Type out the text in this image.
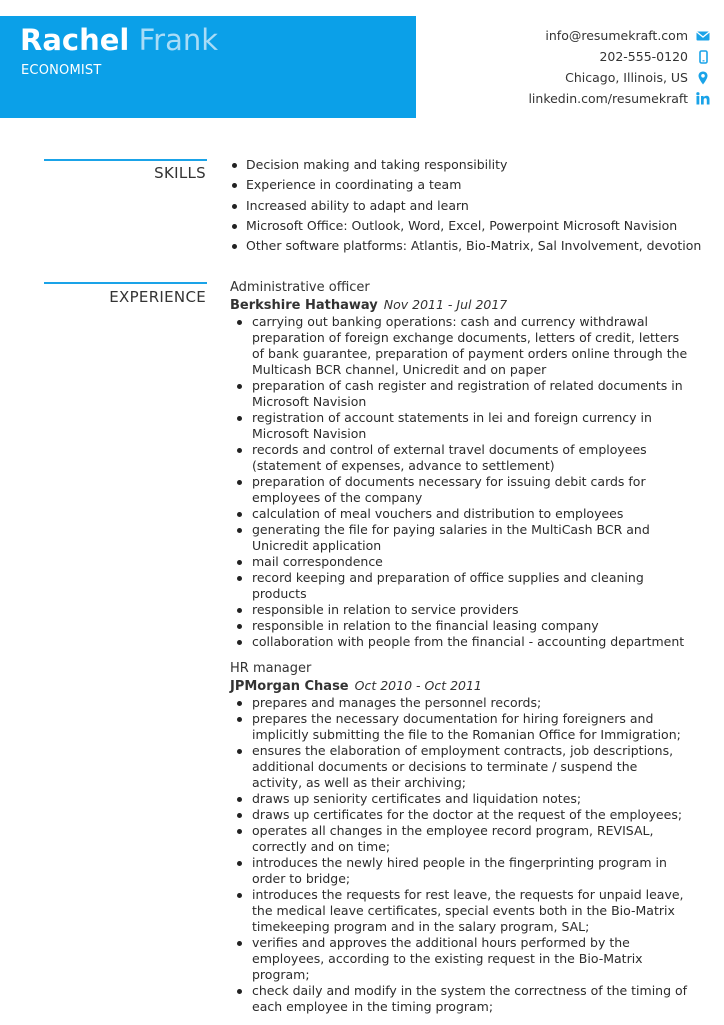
Rachel Frank
ECONOMIST
info@resumekraft.com
202-555-0120
Chicago, Illinois, US
linkedin.com/resumekraft
SKILLS	Decision making and taking responsibility
Experience in coordinating a team
Increased ability to adapt and learn
Microsoft Office: Outlook, Word, Excel, Powerpoint Microsoft Navision
Other software platforms: Atlantis, Bio-Matrix, Sal Involvement, devotion
EXPERIENCE
Administrative officer
Berkshire Hathaway Nov 2011 - Jul 2017
carrying out banking operations: cash and currency withdrawal preparation of foreign exchange documents, letters of credit, letters of bank guarantee, preparation of payment orders online through the Multicash BCR channel, Unicredit and on paper
preparation of cash register and registration of related documents in Microsoft Navision
registration of account statements in lei and foreign currency in Microsoft Navision
records and control of external travel documents of employees (statement of expenses, advance to settlement)
preparation of documents necessary for issuing debit cards for employees of the company
calculation of meal vouchers and distribution to employees
generating the file for paying salaries in the MultiCash BCR and Unicredit application
mail correspondence
record keeping and preparation of office supplies and cleaning products
responsible in relation to service providers
responsible in relation to the financial leasing company
collaboration with people from the financial - accounting department
HR manager
JPMorgan Chase Oct 2010 - Oct 2011
prepares and manages the personnel records;
prepares the necessary documentation for hiring foreigners and implicitly submitting the file to the Romanian Office for Immigration;
ensures the elaboration of employment contracts, job descriptions, additional documents or decisions to terminate / suspend the activity, as well as their archiving;
draws up seniority certificates and liquidation notes;
draws up certificates for the doctor at the request of the employees;
operates all changes in the employee record program, REVISAL, correctly and on time;
introduces the newly hired people in the fingerprinting program in order to bridge;
introduces the requests for rest leave, the requests for unpaid leave, the medical leave certificates, special events both in the Bio-Matrix timekeeping program and in the salary program, SAL;
verifies and approves the additional hours performed by the employees, according to the existing request in the Bio-Matrix program;
check daily and modify in the system the correctness of the timing of each employee in the timing program;
